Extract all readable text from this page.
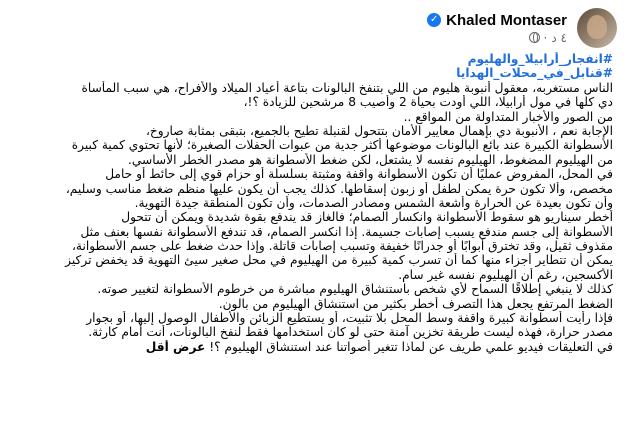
Khaled Montaser
✓
٤ د
·
#انفجار_أرابيلا_والهليوم
#قنابل_في_محلات_الهدايا
الناس مستغربه، معقول أنبوبة هليوم من اللي بتنفخ البالونات بتاعة أعياد الميلاد والأفراح، هي سبب المأساة
دي كلها في مول أرابيلا، اللي أودت بحياة 2 وأصيب 8 مرشحين للزيادة ؟!،
من الصور والأخبار المتداولة من المواقع ..
الإجابة نعم ، الأنبوبة دي بإهمال معايير الأمان بتتحول لقنبلة تطيح بالجميع، بتبقى بمثابة صاروخ،
الأسطوانة الكبيرة عند بائع البالونات موضوعها أكثر جدية من عبوات الحفلات الصغيرة؛ لأنها تحتوي كمية كبيرة
من الهيليوم المضغوط، الهيليوم نفسه لا يشتعل، لكن ضغط الأسطوانة هو مصدر الخطر الأساسي.
في المحل، المفروض عمليًا أن تكون الأسطوانة واقفة ومثبتة بسلسلة أو حزام قوي إلى حائط أو حامل
مخصص، وألا تكون حرة يمكن لطفل أو زبون إسقاطها. كذلك يجب أن يكون عليها منظم ضغط مناسب وسليم،
وأن تكون بعيدة عن الحرارة وأشعة الشمس ومصادر الصدمات، وأن تكون المنطقة جيدة التهوية.
أخطر سيناريو هو سقوط الأسطوانة وانكسار الصمام؛ فالغاز قد يندفع بقوة شديدة ويمكن أن تتحول
الأسطوانة إلى جسم مندفع يسبب إصابات جسيمة. إذا انكسر الصمام، قد تندفع الأسطوانة نفسها بعنف مثل
مقذوف ثقيل، وقد تخترق أبوابًا أو جدرانًا خفيفة وتسبب إصابات قاتلة. وإذا حدث ضغط على جسم الأسطوانة،
يمكن أن تتطاير أجزاء منها كما أن تسرب كمية كبيرة من الهيليوم في محل صغير سيئ التهوية قد يخفض تركيز
الأكسجين، رغم أن الهيليوم نفسه غير سام.
كذلك لا ينبغي إطلاقًا السماح لأي شخص باستنشاق الهيليوم مباشرة من خرطوم الأسطوانة لتغيير صوته.
الضغط المرتفع يجعل هذا التصرف أخطر بكثير من استنشاق الهيليوم من بالون.
فإذا رأيت أسطوانة كبيرة واقفة وسط المحل بلا تثبيت، أو يستطيع الزبائن والأطفال الوصول إليها، أو بجوار
مصدر حرارة، فهذه ليست طريقة تخزين آمنة حتى لو كان استخدامها فقط لنفخ البالونات، أنت أمام كارثة.
في التعليقات فيديو علمي طريف عن لماذا تتغير أصواتنا عند استنشاق الهيليوم ؟! عرض أقل
